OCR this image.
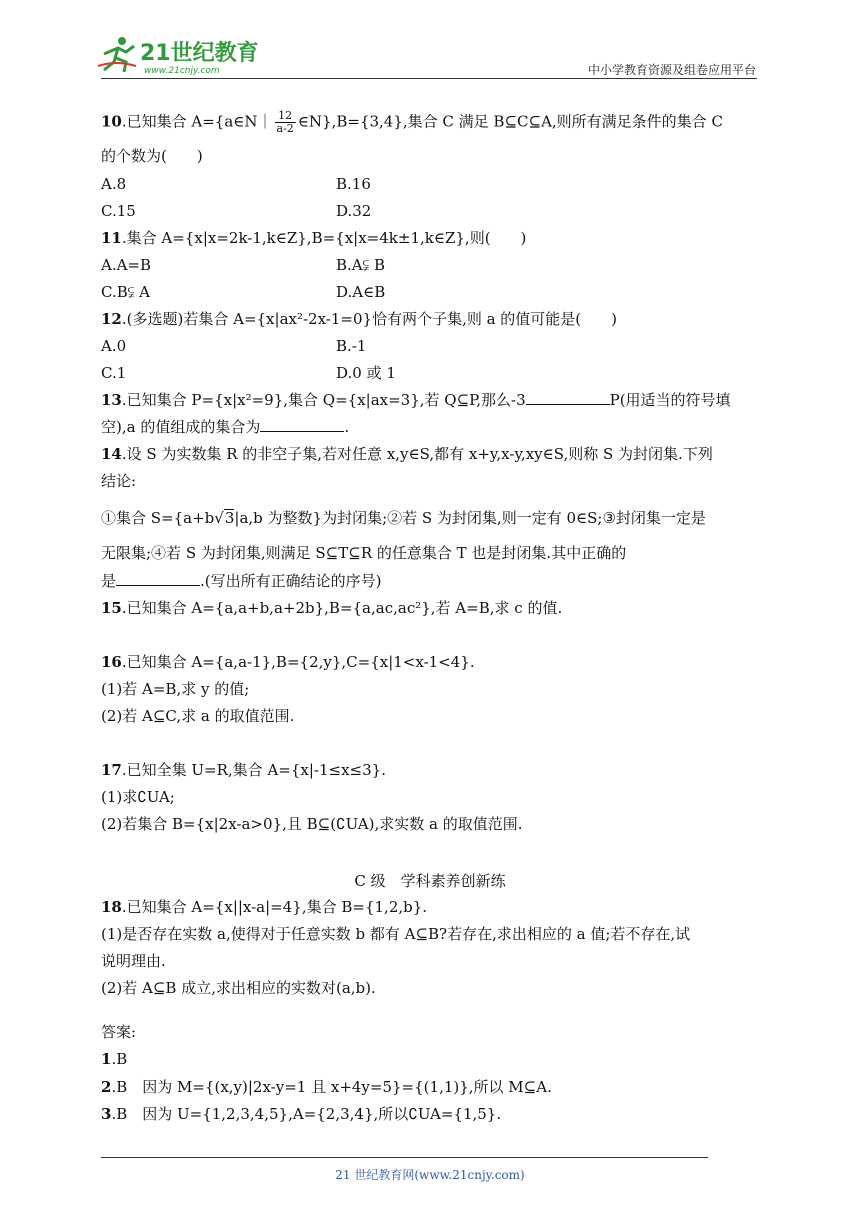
21世纪教育
www.21cnjy.com	中小学教育资源及组卷应用平台
10.已知集合 A={a∈N｜ $\frac{12}{a-2}$ ∈N},B={3,4},集合 C 满足 B⊆C⊆A,则所有满足条件的集合 C
的个数为(　　)
A.8	B.16
C.15	D.32
11.集合 A={x|x=2k-1,k∈Z},B={x|x=4k±1,k∈Z},则(　　)
A.A=B	B.A⫋ B
C.B⫋ A	D.A∈B
12.(多选题)若集合 A={x|ax²-2x-1=0}恰有两个子集,则 a 的值可能是(　　)
A.0	B.-1
C.1	D.0 或 1
13.已知集合 P={x|x²=9},集合 Q={x|ax=3},若 Q⊆P,那么-3	P(用适当的符号填
空),a 的值组成的集合为	.
14.设 S 为实数集 R 的非空子集,若对任意 x,y∈S,都有 x+y,x-y,xy∈S,则称 S 为封闭集.下列
结论:
①集合 S={a+b√3|a,b 为整数}为封闭集;②若 S 为封闭集,则一定有 0∈S;③封闭集一定是
无限集;④若 S 为封闭集,则满足 S⊆T⊆R 的任意集合 T 也是封闭集.其中正确的
是	.(写出所有正确结论的序号)
15.已知集合 A={a,a+b,a+2b},B={a,ac,ac²},若 A=B,求 c 的值.
16.已知集合 A={a,a-1},B={2,y},C={x|1<x-1<4}.
(1)若 A=B,求 y 的值;
(2)若 A⊆C,求 a 的取值范围.
17.已知全集 U=R,集合 A={x|-1≤x≤3}.
(1)求∁UA;
(2)若集合 B={x|2x-a>0},且 B⊆(∁UA),求实数 a 的取值范围.
C 级　学科素养创新练
18.已知集合 A={x||x-a|=4},集合 B={1,2,b}.
(1)是否存在实数 a,使得对于任意实数 b 都有 A⊆B?若存在,求出相应的 a 值;若不存在,试
说明理由.
(2)若 A⊆B 成立,求出相应的实数对(a,b).
答案:
1.B
2.B　因为 M={(x,y)|2x-y=1 且 x+4y=5}={(1,1)},所以 M⊆A.
3.B　因为 U={1,2,3,4,5},A={2,3,4},所以∁UA={1,5}.
21 世纪教育网(www.21cnjy.com)
